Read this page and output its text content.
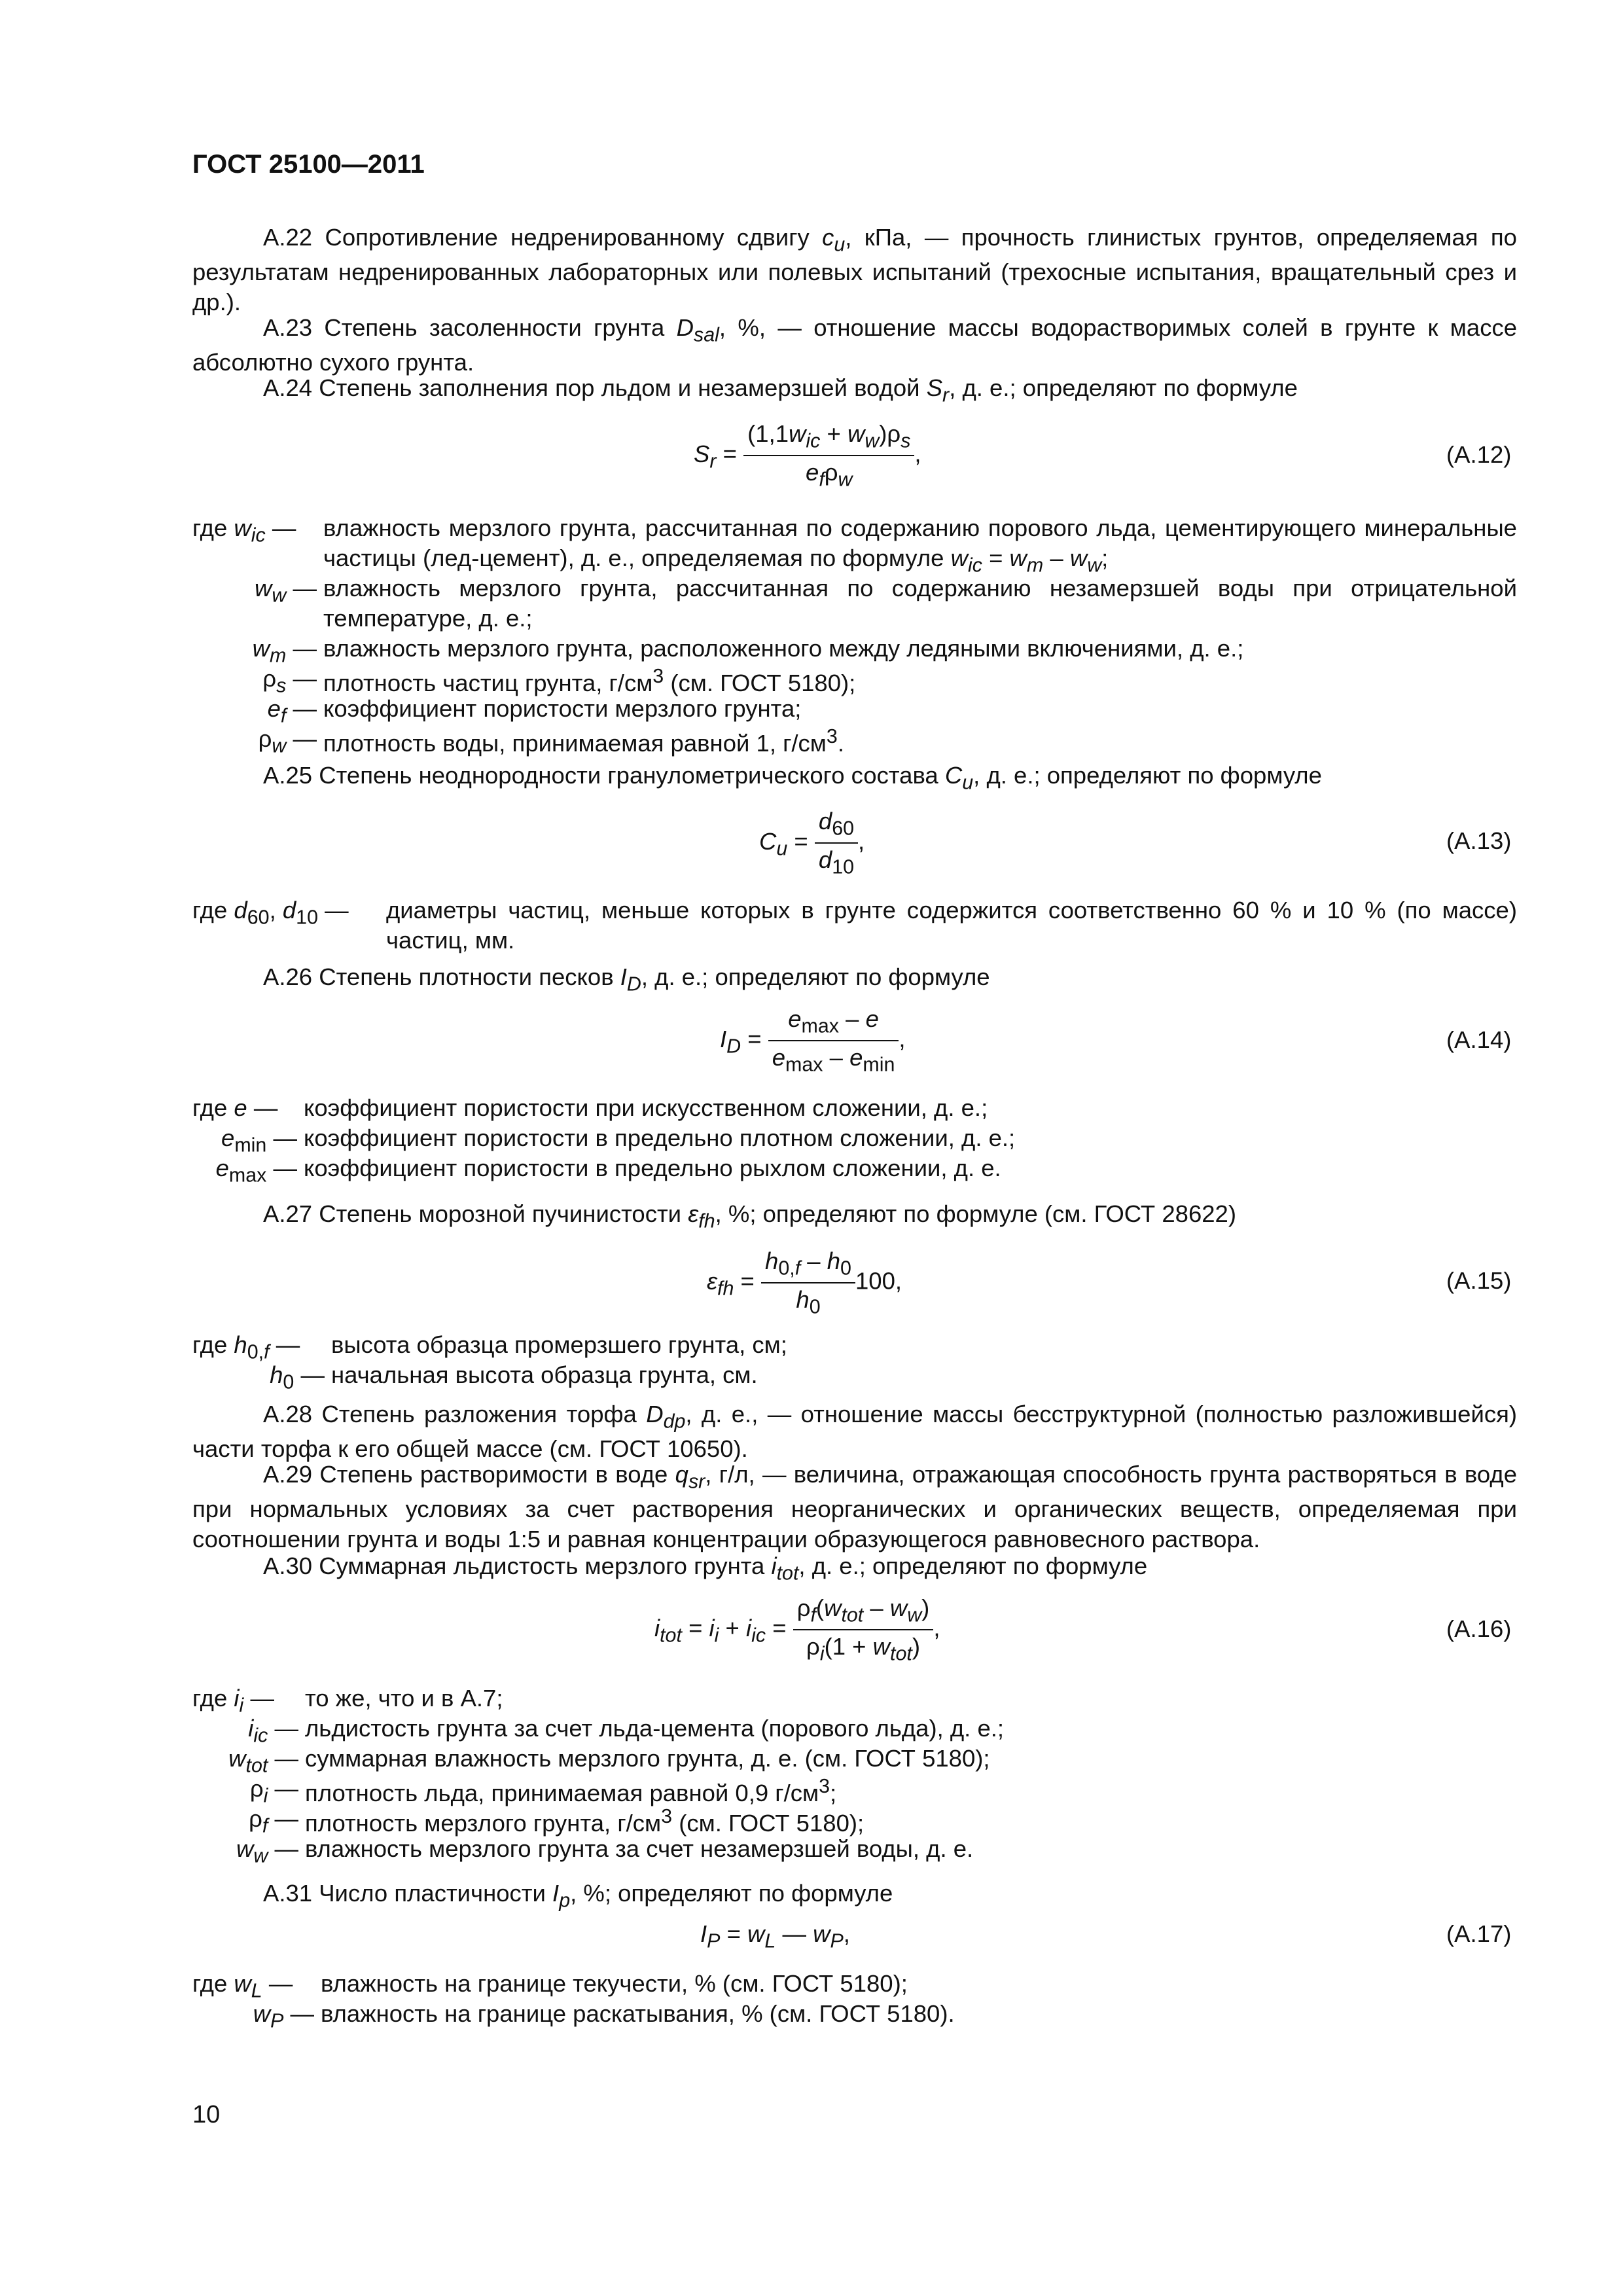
ГОСТ 25100—2011

А.22 Сопротивление недренированному сдвигу $c_u$, кПа, — прочность глинистых грунтов, определяемая по результатам недренированных лабораторных или полевых испытаний (трехосные испытания, вращательный срез и др.).

А.23 Степень засоленности грунта $D_{sal}$, %, — отношение массы водорастворимых солей в грунте к массе абсолютно сухого грунта.

А.24 Степень заполнения пор льдом и незамерзшей водой $S_r$, д. е.; определяют по формуле

$S_r = \frac{(1,1w_{ic} + w_w)\rho_s}{e_f\rho_w}$ ,	(А.12)
где $w_{ic}$ — влажность мерзлого грунта, рассчитанная по содержанию порового льда, цементирующего минеральные частицы (лед-цемент), д. е., определяемая по формуле $w_{ic} = w_m - w_w$;
$w_w$ — влажность мерзлого грунта, рассчитанная по содержанию незамерзшей воды при отрицательной температуре, д. е.;
$w_m$ — влажность мерзлого грунта, расположенного между ледяными включениями, д. е.;
$\rho_s$ — плотность частиц грунта, $г/см^3$ (см. ГОСТ 5180);
$e_f$ — коэффициент пористости мерзлого грунта;
$\rho_w$ — плотность воды, принимаемая равной 1, $г/см^3$.

А.25 Степень неоднородности гранулометрического состава $C_u$, д. е.; определяют по формуле

$C_u = \frac{d_{60}}{d_{10}}$ ,	(А.13)
где $d_{60}$, $d_{10}$ — диаметры частиц, меньше которых в грунте содержится соответственно 60 % и 10 % (по массе) частиц, мм.

А.26 Степень плотности песков $I_D$, д. е.; определяют по формуле

$I_D = \frac{e_{max} - e}{e_{max} - e_{min}}$ ,	(А.14)
где e — коэффициент пористости при искусственном сложении, д. е.;
$e_{min}$ — коэффициент пористости в предельно плотном сложении, д. е.;
$e_{max}$ — коэффициент пористости в предельно рыхлом сложении, д. е.

А.27 Степень морозной пучинистости $\varepsilon_{fh}$, %; определяют по формуле (см. ГОСТ 28622)

$\varepsilon_{fh} = \frac{h_{0,f} - h_0}{h_0} 100$,	(А.15)
где $h_{0,f}$ — высота образца промерзшего грунта, см;
$h_0$ — начальная высота образца грунта, см.

А.28 Степень разложения торфа $D_{dp}$, д. е., — отношение массы бесструктурной (полностью разложившейся) части торфа к его общей массе (см. ГОСТ 10650).

А.29 Степень растворимости в воде $q_{sr}$, г/л, — величина, отражающая способность грунта растворяться в воде при нормальных условиях за счет растворения неорганических и органических веществ, определяемая при соотношении грунта и воды 1:5 и равная концентрации образующегося равновесного раствора.

А.30 Суммарная льдистость мерзлого грунта $i_{tot}$, д. е.; определяют по формуле

$i_{tot} = i_i + i_{ic} = \frac{\rho_f(w_{tot} - w_w)}{\rho_i(1 + w_{tot})}$ ,	(А.16)
где $i_i$ — то же, что и в А.7;
$i_{ic}$ — льдистость грунта за счет льда-цемента (порового льда), д. е.;
$w_{tot}$ — суммарная влажность мерзлого грунта, д. е. (см. ГОСТ 5180);
$\rho_i$ — плотность льда, принимаемая равной 0,9 $г/см^3$;
$\rho_f$ — плотность мерзлого грунта, $г/см^3$ (см. ГОСТ 5180);
$w_w$ — влажность мерзлого грунта за счет незамерзшей воды, д. е.

А.31 Число пластичности $I_p$, %; определяют по формуле

$I_P = w_L$ — $w_P$,	(А.17)
где $w_L$ — влажность на границе текучести, % (см. ГОСТ 5180);
$w_P$ — влажность на границе раскатывания, % (см. ГОСТ 5180).
10
